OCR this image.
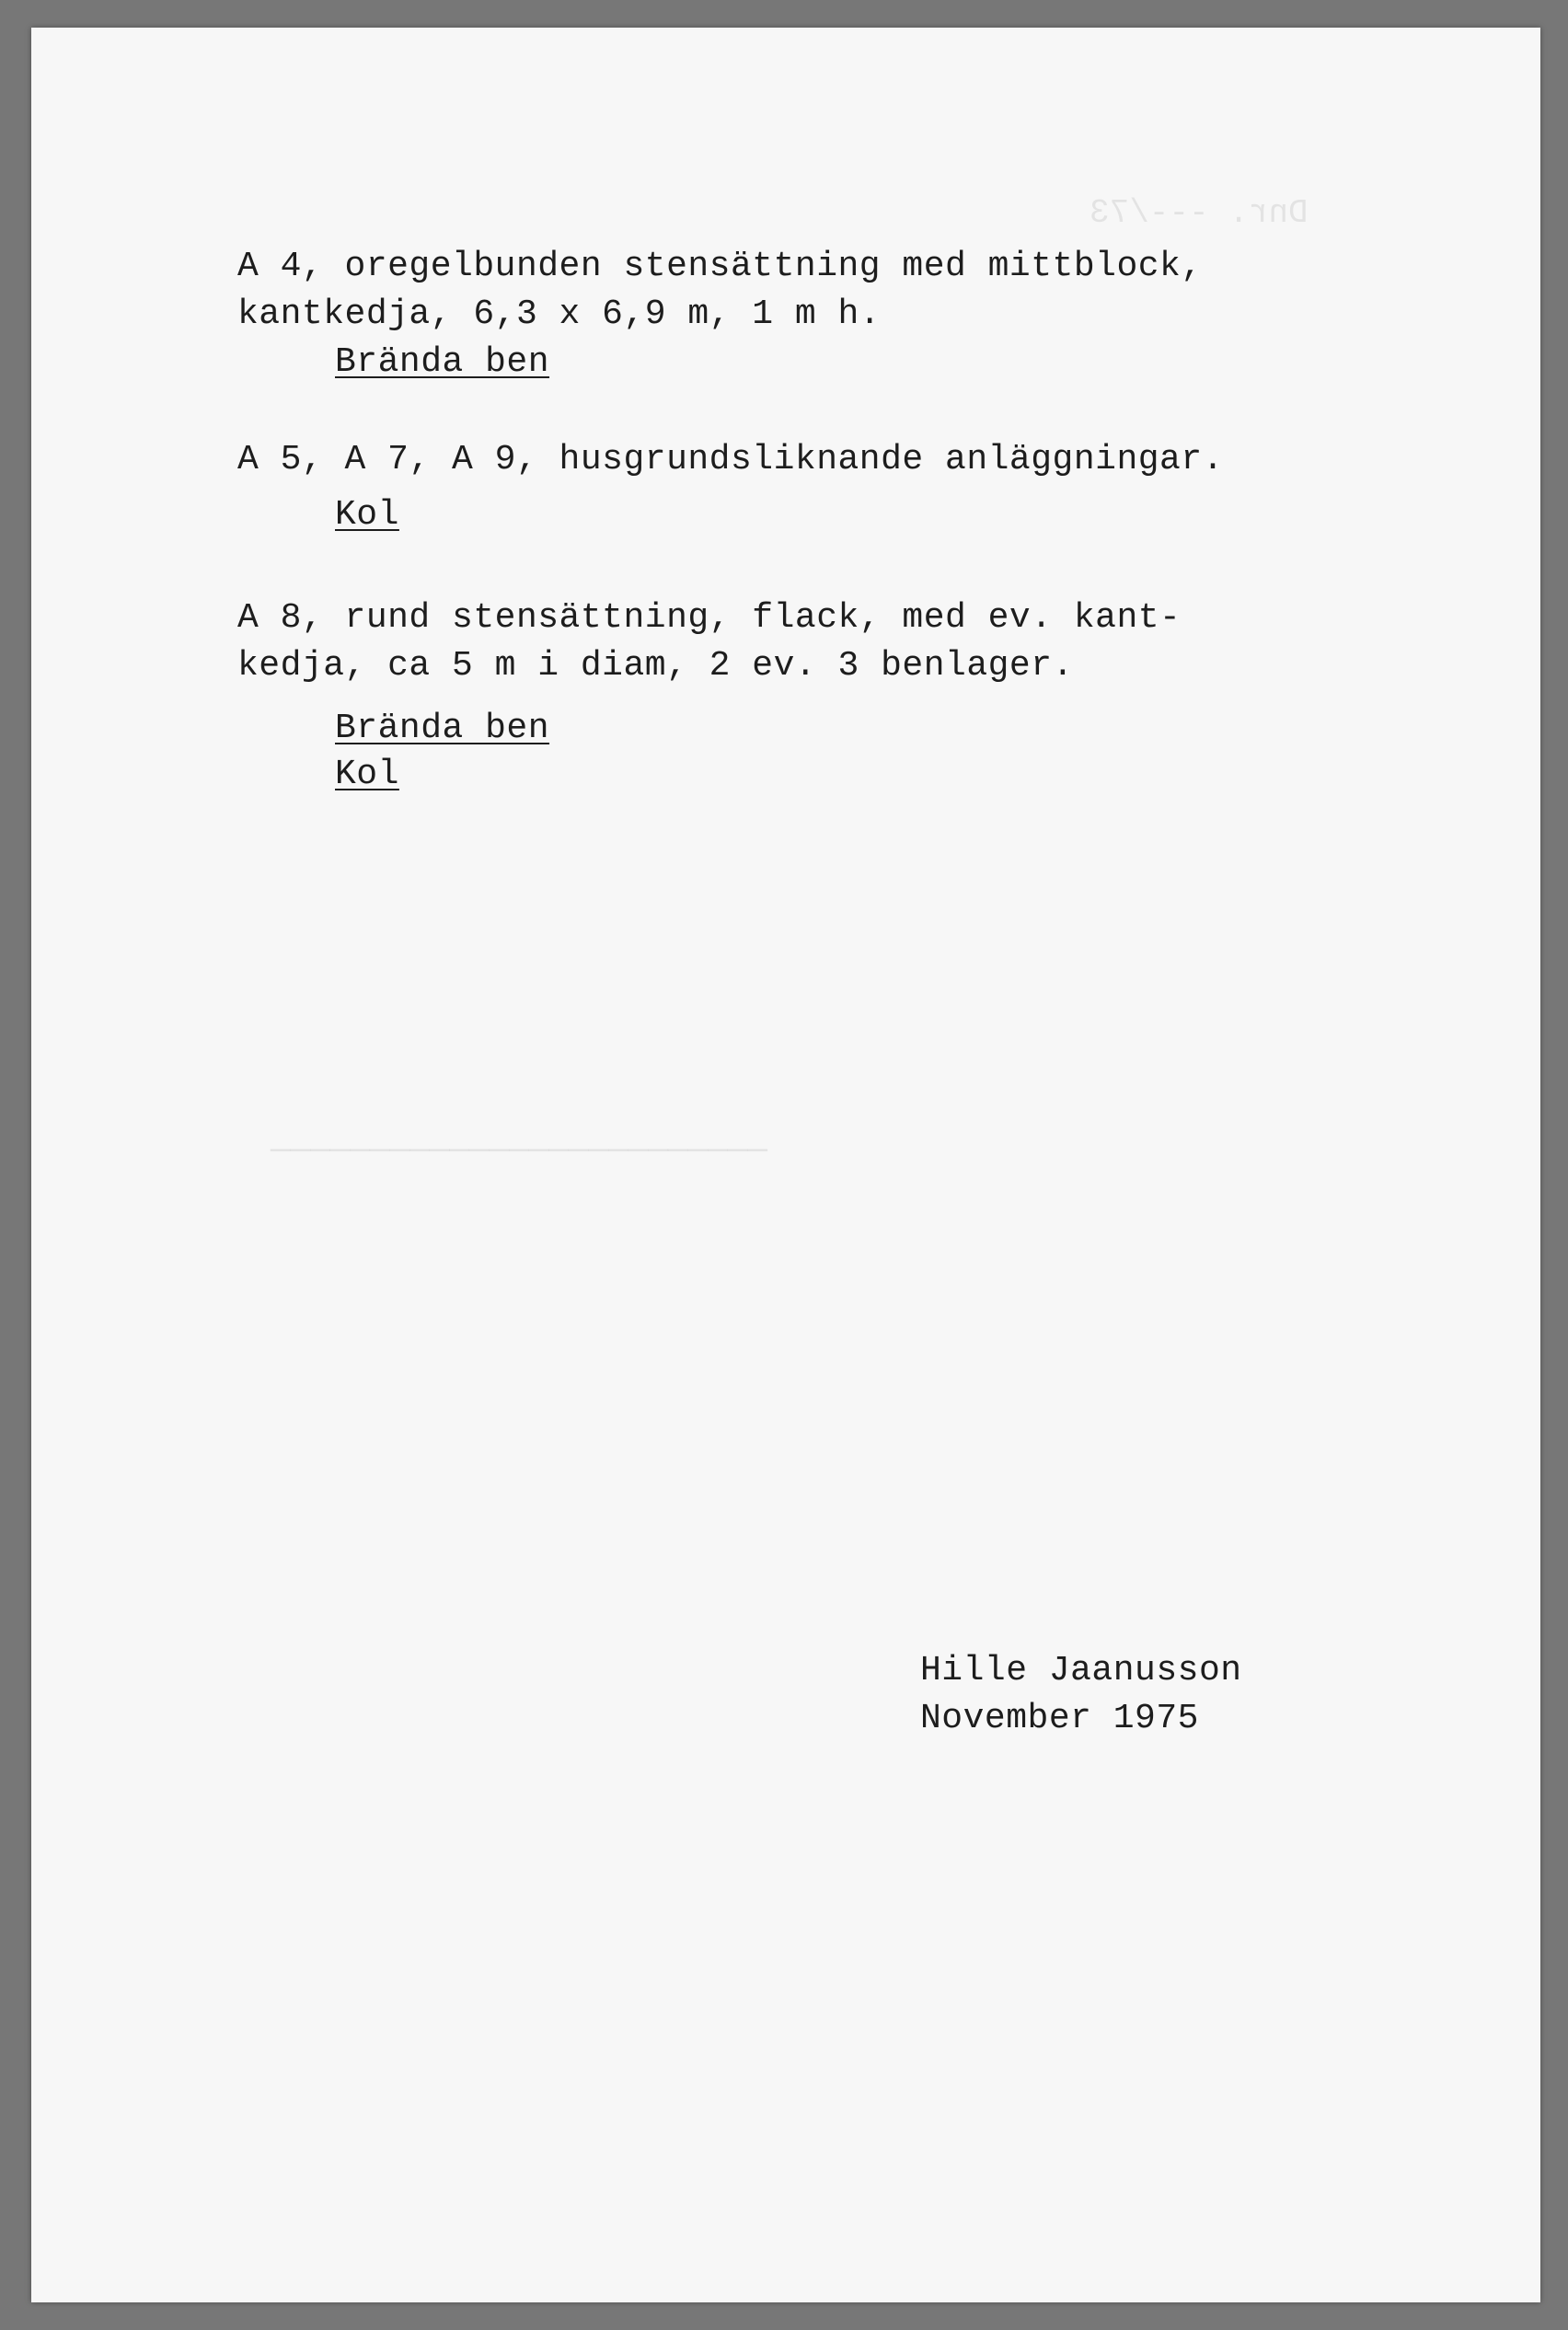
Dnr. ---/73
─────────────────────────
A 4, oregelbunden stensättning med mittblock,
kantkedja, 6,3 x 6,9 m, 1 m h.
Brända ben
A 5, A 7, A 9, husgrundsliknande anläggningar.
Kol
A 8, rund stensättning, flack, med ev. kant-
kedja, ca 5 m i diam, 2 ev. 3 benlager.
Brända ben
Kol
Hille Jaanusson
November 1975
